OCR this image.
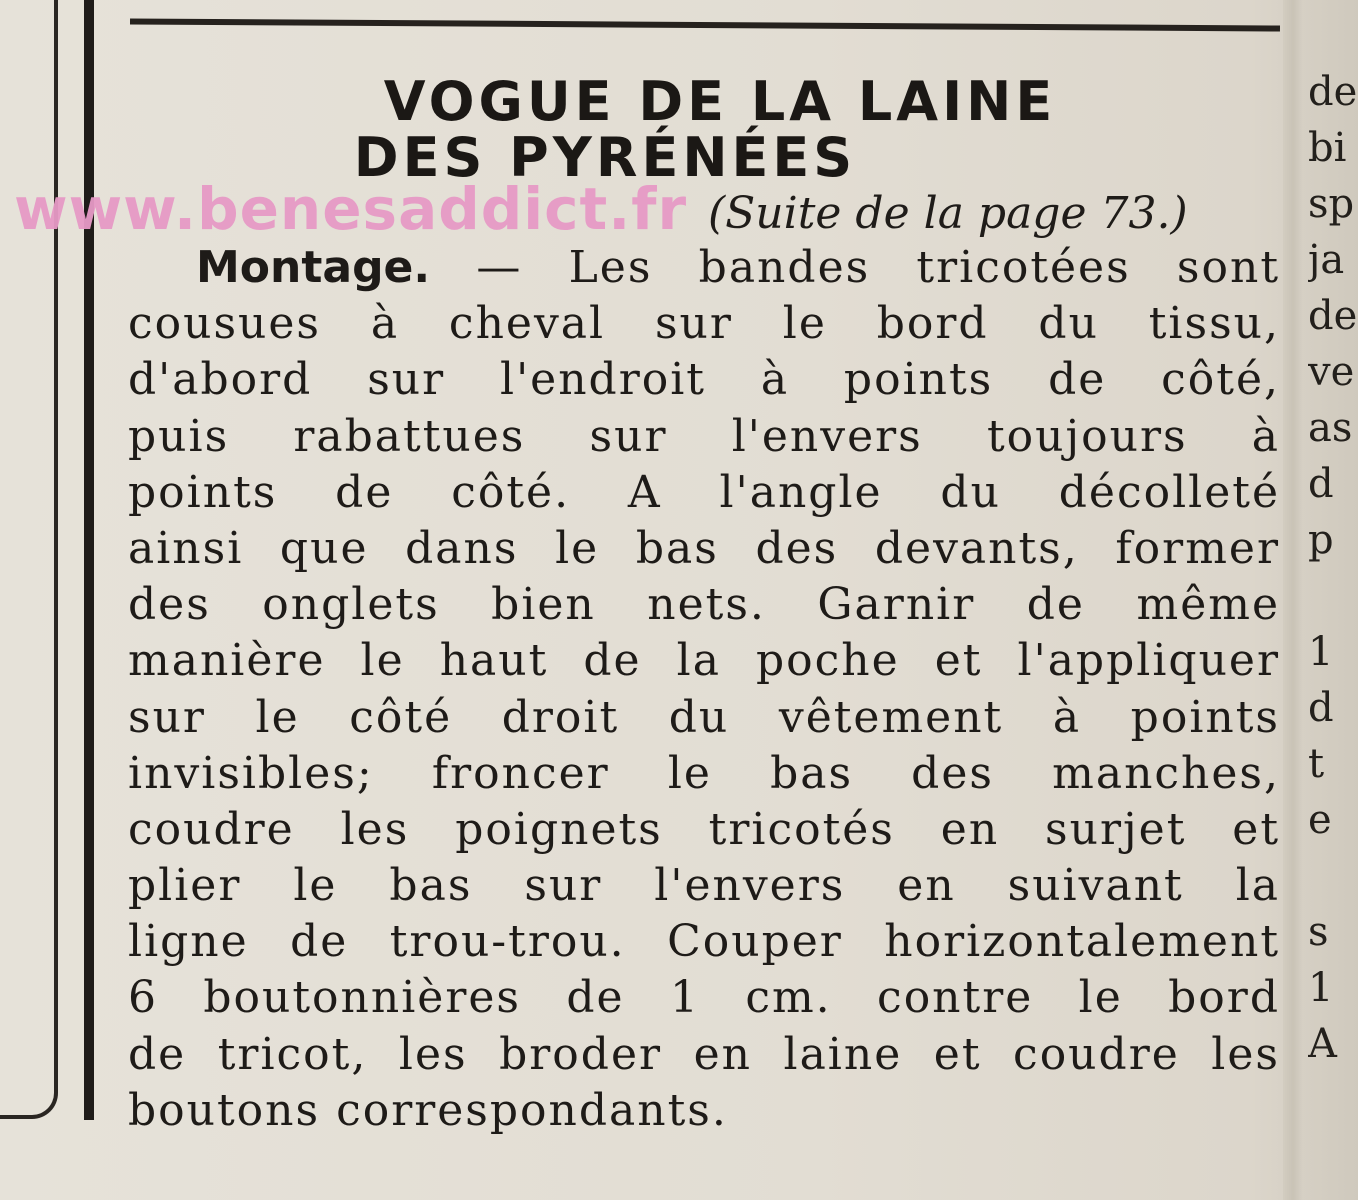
VOGUE DE LA LAINE
DES PYRÉNÉES
(Suite de la page 73.)
Montage. — Les bandes tricotées sont
cousues à cheval sur le bord du tissu,
d'abord sur l'endroit à points de côté,
puis rabattues sur l'envers toujours à
points de côté. A l'angle du décolleté
ainsi que dans le bas des devants, former
des onglets bien nets. Garnir de même
manière le haut de la poche et l'appliquer
sur le côté droit du vêtement à points
invisibles; froncer le bas des manches,
coudre les poignets tricotés en surjet et
plier le bas sur l'envers en suivant la
ligne de trou-trou. Couper horizontalement
6 boutonnières de 1 cm. contre le bord
de tricot, les broder en laine et coudre les
boutons correspondants.
de
bi
sp
ja
de
ve
as
d
p
1
d
t
e
s
1
A
www.benesaddict.fr
